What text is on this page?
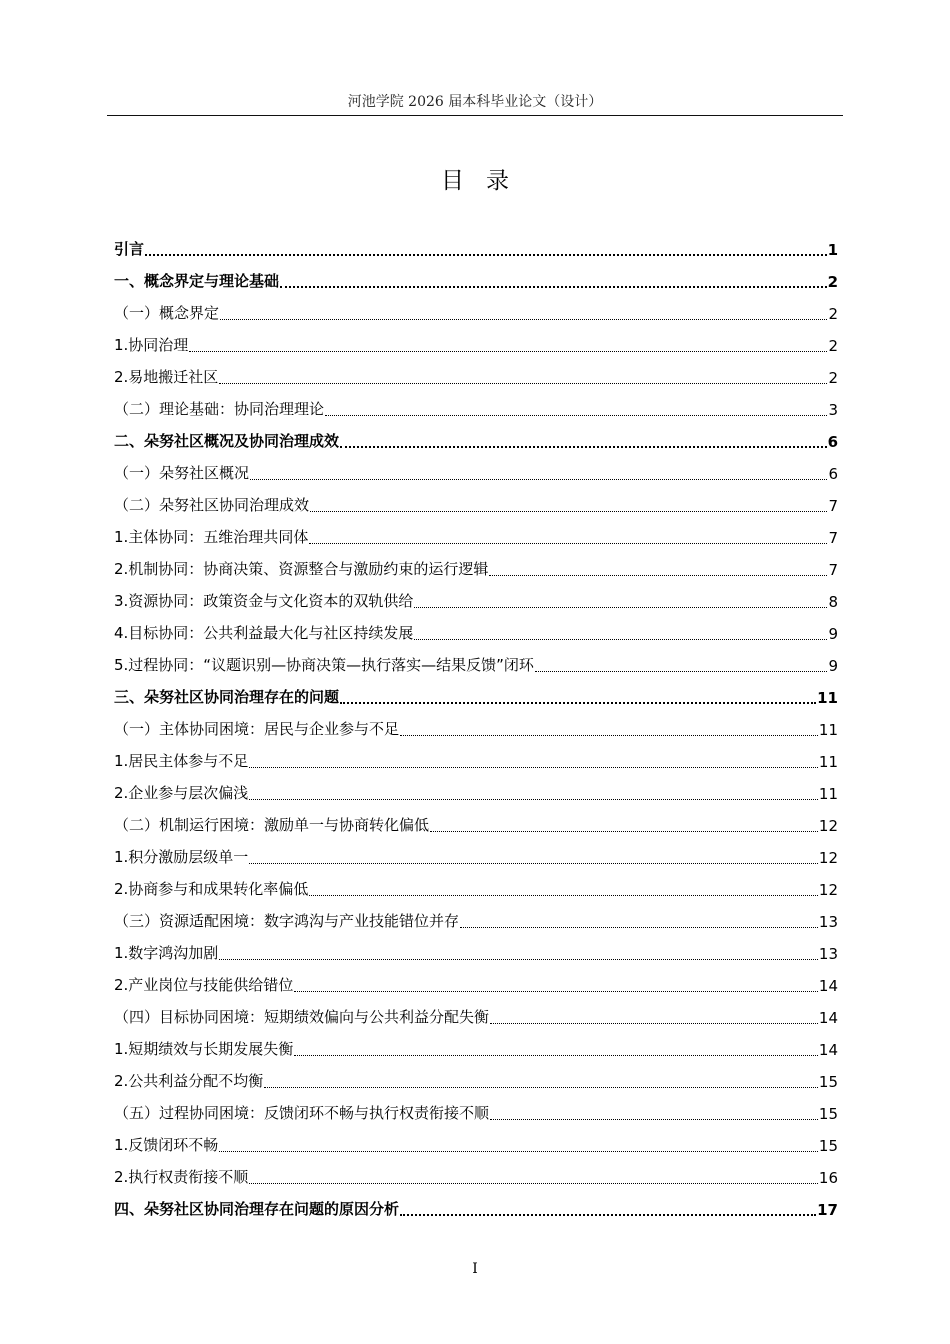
河池学院 2026 届本科毕业论文（设计）
目录
引言	1
一、概念界定与理论基础	2
（一）概念界定	2
1.协同治理	2
2.易地搬迁社区	2
（二）理论基础：协同治理理论	3
二、朵努社区概况及协同治理成效	6
（一）朵努社区概况	6
（二）朵努社区协同治理成效	7
1.主体协同：五维治理共同体	7
2.机制协同：协商决策、资源整合与激励约束的运行逻辑	7
3.资源协同：政策资金与文化资本的双轨供给	8
4.目标协同：公共利益最大化与社区持续发展	9
5.过程协同：“议题识别—协商决策—执行落实—结果反馈”闭环	9
三、朵努社区协同治理存在的问题	11
（一）主体协同困境：居民与企业参与不足	11
1.居民主体参与不足	11
2.企业参与层次偏浅	11
（二）机制运行困境：激励单一与协商转化偏低	12
1.积分激励层级单一	12
2.协商参与和成果转化率偏低	12
（三）资源适配困境：数字鸿沟与产业技能错位并存	13
1.数字鸿沟加剧	13
2.产业岗位与技能供给错位	14
（四）目标协同困境：短期绩效偏向与公共利益分配失衡	14
1.短期绩效与长期发展失衡	14
2.公共利益分配不均衡	15
（五）过程协同困境：反馈闭环不畅与执行权责衔接不顺	15
1.反馈闭环不畅	15
2.执行权责衔接不顺	16
四、朵努社区协同治理存在问题的原因分析	17
I
